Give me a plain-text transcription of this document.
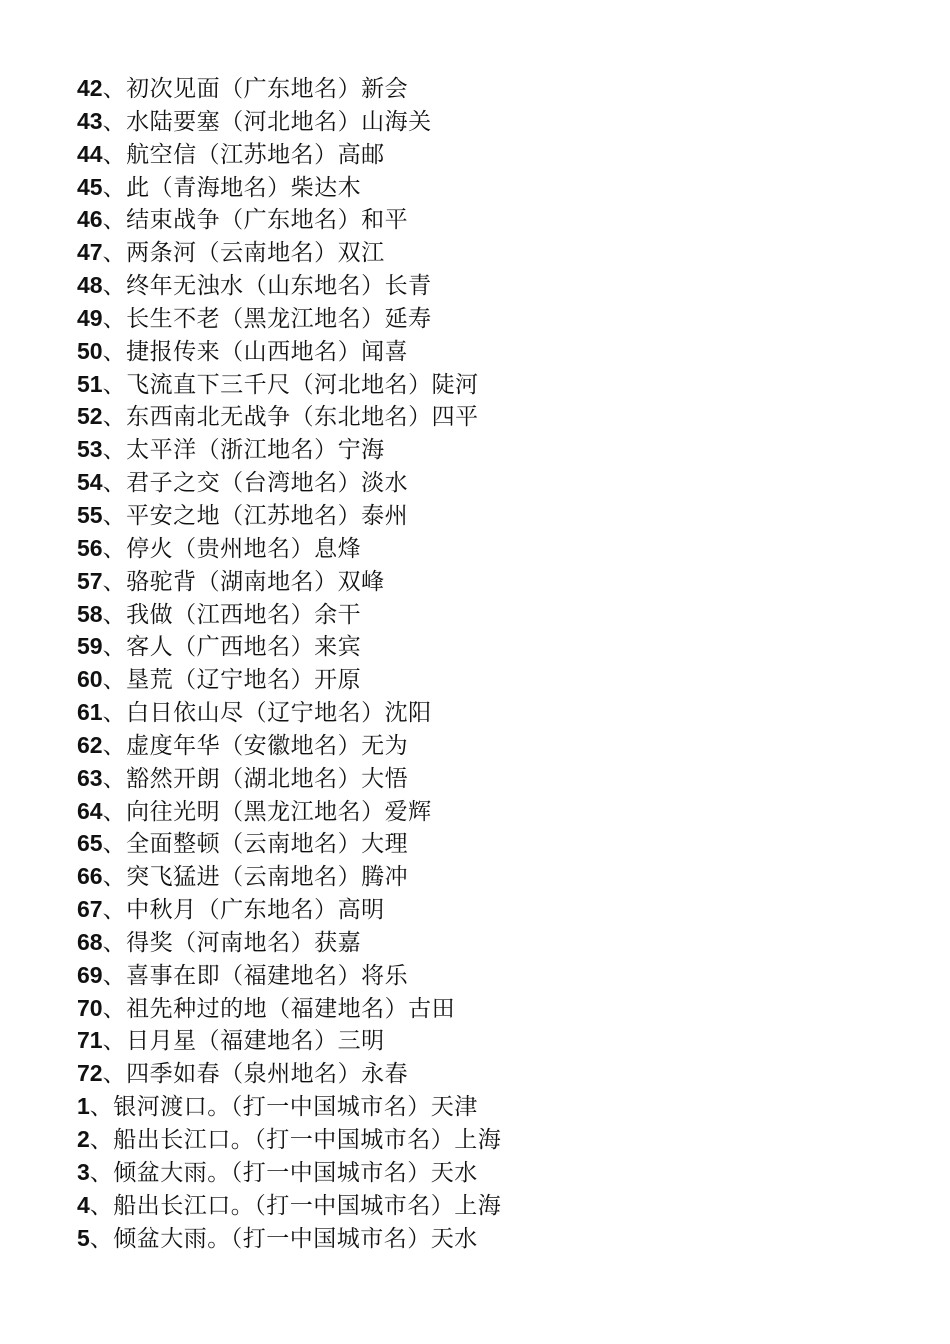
42、初次见面（广东地名）新会
43、水陆要塞（河北地名）山海关
44、航空信（江苏地名）高邮
45、此（青海地名）柴达木
46、结束战争（广东地名）和平
47、两条河（云南地名）双江
48、终年无浊水（山东地名）长青
49、长生不老（黑龙江地名）延寿
50、捷报传来（山西地名）闻喜
51、飞流直下三千尺（河北地名）陡河
52、东西南北无战争（东北地名）四平
53、太平洋（浙江地名）宁海
54、君子之交（台湾地名）淡水
55、平安之地（江苏地名）泰州
56、停火（贵州地名）息烽
57、骆驼背（湖南地名）双峰
58、我做（江西地名）余干
59、客人（广西地名）来宾
60、垦荒（辽宁地名）开原
61、白日依山尽（辽宁地名）沈阳
62、虚度年华（安徽地名）无为
63、豁然开朗（湖北地名）大悟
64、向往光明（黑龙江地名）爱辉
65、全面整顿（云南地名）大理
66、突飞猛进（云南地名）腾冲
67、中秋月（广东地名）高明
68、得奖（河南地名）获嘉
69、喜事在即（福建地名）将乐
70、祖先种过的地（福建地名）古田
71、日月星（福建地名）三明
72、四季如春（泉州地名）永春
1、银河渡口。（打一中国城市名）天津
2、船出长江口。（打一中国城市名）上海
3、倾盆大雨。（打一中国城市名）天水
4、船出长江口。（打一中国城市名）上海
5、倾盆大雨。（打一中国城市名）天水
